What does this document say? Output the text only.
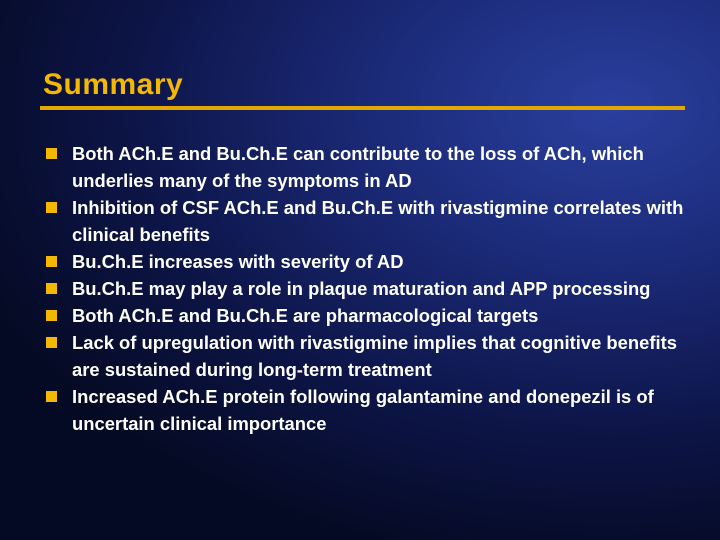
Summary
Both ACh.E and Bu.Ch.E can contribute to the loss of ACh, which underlies many of the symptoms in AD
Inhibition of CSF ACh.E and Bu.Ch.E with rivastigmine correlates with clinical benefits
Bu.Ch.E increases with severity of AD
Bu.Ch.E may play a role in plaque maturation and APP processing
Both ACh.E and Bu.Ch.E are pharmacological targets
Lack of upregulation with rivastigmine implies that cognitive benefits are sustained during long-term treatment
Increased ACh.E protein following galantamine and donepezil is of uncertain clinical importance
